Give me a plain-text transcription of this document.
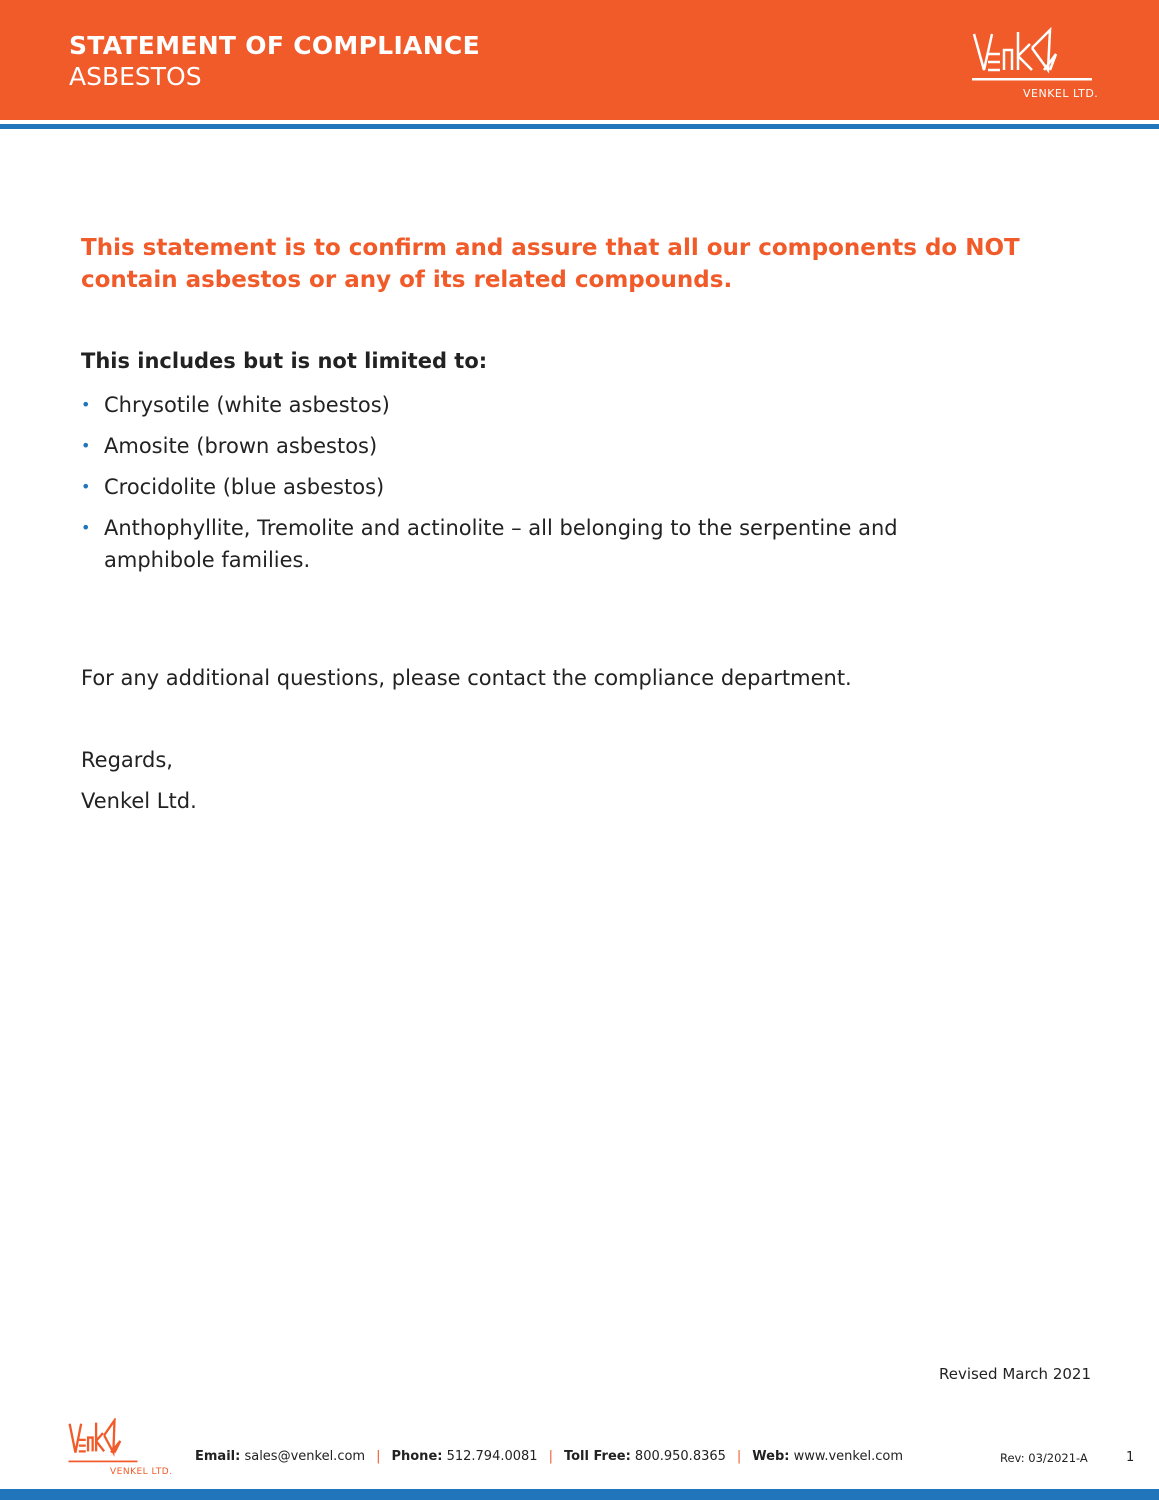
STATEMENT OF COMPLIANCE
ASBESTOS
VENKEL LTD.
This statement is to confirm and assure that all our components do NOT contain asbestos or any of its related compounds.
This includes but is not limited to:
• Chrysotile (white asbestos)
• Amosite (brown asbestos)
• Crocidolite (blue asbestos)
• Anthophyllite, Tremolite and actinolite – all belonging to the serpentine and amphibole families.
For any additional questions, please contact the compliance department.
Regards,
Venkel Ltd.
Revised March 2021
VENKEL LTD.
Email: sales@venkel.com | Phone: 512.794.0081 | Toll Free: 800.950.8365 | Web: www.venkel.com	Rev: 03/2021-A	1
